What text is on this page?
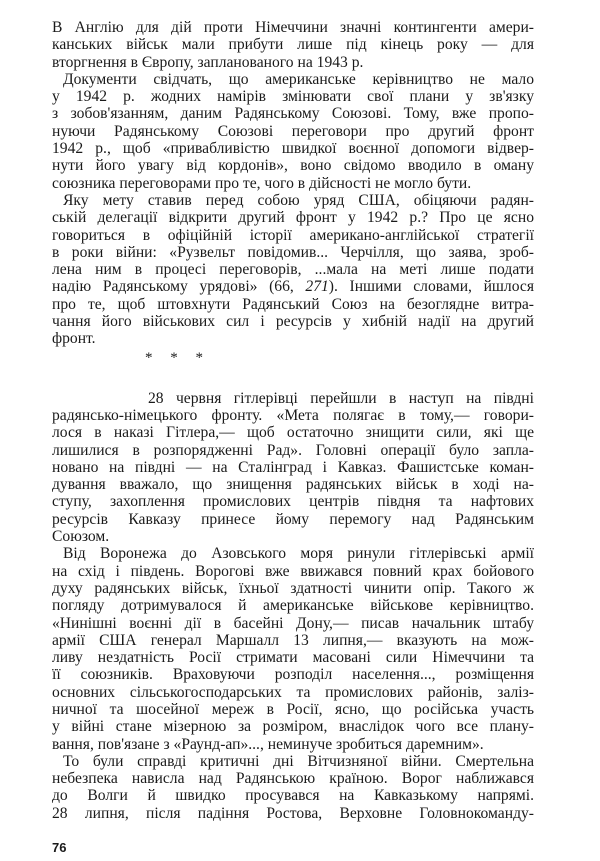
В Англію для дій проти Німеччини значні контингенти амери-
канських військ мали прибути лише під кінець року — для
вторгнення в Європу, запланованого на 1943 р.
Документи свідчать, що американське керівництво не мало
у 1942 р. жодних намірів змінювати свої плани у зв'язку
з зобов'язанням, даним Радянському Союзові. Тому, вже пропо-
нуючи Радянському Союзові переговори про другий фронт
1942 р., щоб «привабливістю швидкої воєнної допомоги відвер-
нути його увагу від кордонів», воно свідомо вводило в оману
союзника переговорами про те, чого в дійсності не могло бути.
Яку мету ставив перед собою уряд США, обіцяючи радян-
ській делегації відкрити другий фронт у 1942 р.? Про це ясно
говориться в офіційній історії американо-англійської стратегії
в роки війни: «Рузвельт повідомив... Черчілля, що заява, зроб-
лена ним в процесі переговорів, ...мала на меті лише подати
надію Радянському урядові» (66, 271). Іншими словами, йшлося
про те, щоб штовхнути Радянський Союз на безоглядне витра-
чання його військових сил і ресурсів у хибній надії на другий
фронт.
28 червня гітлерівці перейшли в наступ на півдні
радянсько-німецького фронту. «Мета полягає в тому,— говори-
лося в наказі Гітлера,— щоб остаточно знищити сили, які ще
лишилися в розпорядженні Рад». Головні операції було запла-
новано на півдні — на Сталінград і Кавказ. Фашистське коман-
дування вважало, що знищення радянських військ в ході на-
ступу, захоплення промислових центрів півдня та нафтових
ресурсів Кавказу принесе йому перемогу над Радянським
Союзом.
Від Воронежа до Азовського моря ринули гітлерівські армії
на схід і південь. Ворогові вже ввижався повний крах бойового
духу радянських військ, їхньої здатності чинити опір. Такого ж
погляду дотримувалося й американське військове керівництво.
«Нинішні воєнні дії в басейні Дону,— писав начальник штабу
армії США генерал Маршалл 13 липня,— вказують на мож-
ливу нездатність Росії стримати масовані сили Німеччини та
її союзників. Враховуючи розподіл населення..., розміщення
основних сільськогосподарських та промислових районів, заліз-
ничної та шосейної мереж в Росії, ясно, що російська участь
у війні стане мізерною за розміром, внаслідок чого все плану-
вання, пов'язане з «Раунд-ап»..., неминуче зробиться даремним».
То були справді критичні дні Вітчизняної війни. Смертельна
небезпека нависла над Радянською країною. Ворог наближався
до Волги й швидко просувався на Кавказькому напрямі.
28 липня, після падіння Ростова, Верховне Головнокоманду-
* * *
76
